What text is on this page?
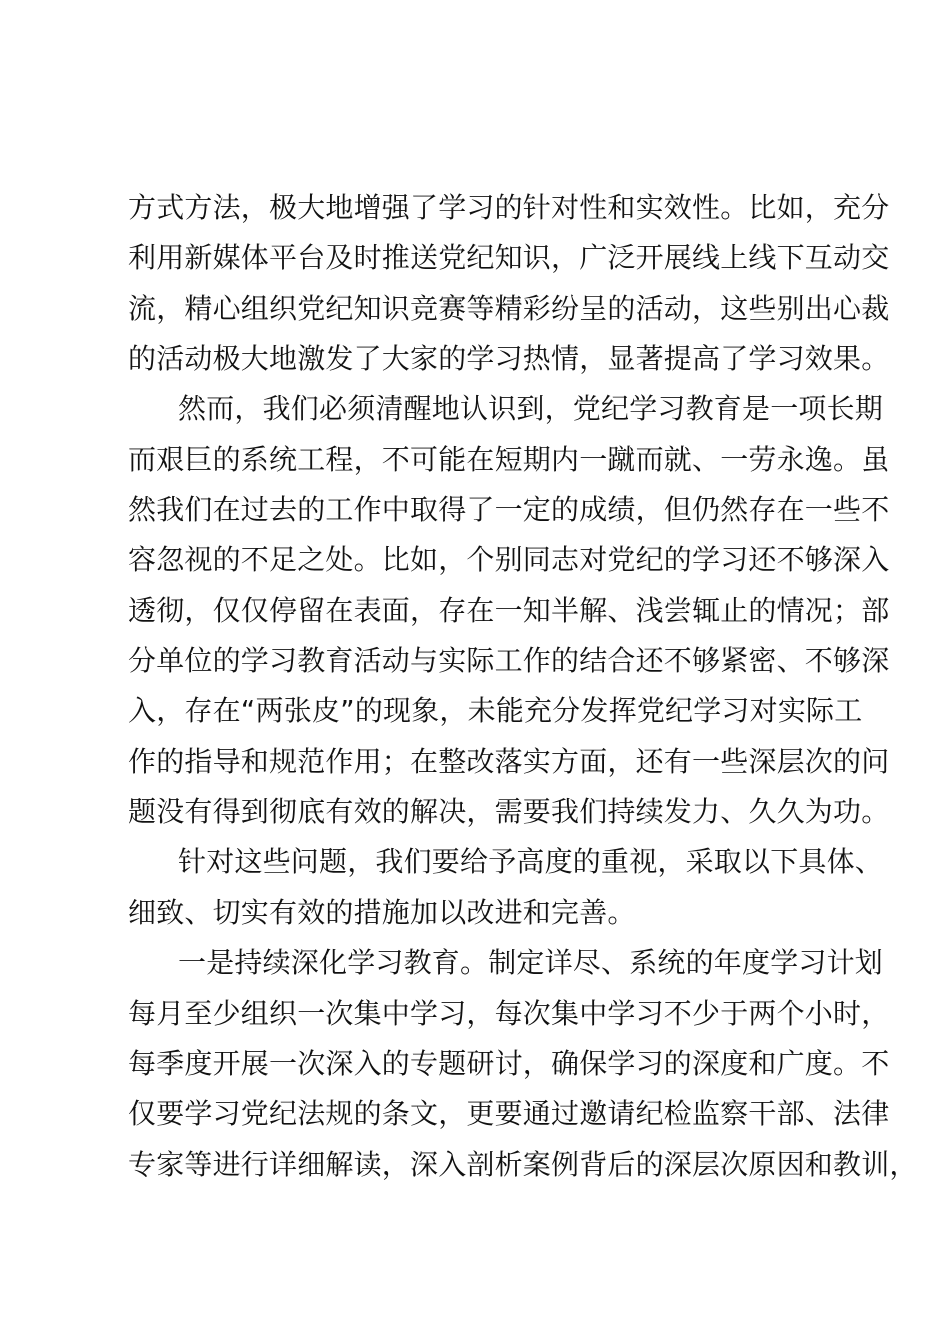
方式方法，极大地增强了学习的针对性和实效性。比如，充分
利用新媒体平台及时推送党纪知识，广泛开展线上线下互动交
流，精心组织党纪知识竞赛等精彩纷呈的活动，这些别出心裁
的活动极大地激发了大家的学习热情，显著提高了学习效果。
然而，我们必须清醒地认识到，党纪学习教育是一项长期
而艰巨的系统工程，不可能在短期内一蹴而就、一劳永逸。虽
然我们在过去的工作中取得了一定的成绩，但仍然存在一些不
容忽视的不足之处。比如，个别同志对党纪的学习还不够深入
透彻，仅仅停留在表面，存在一知半解、浅尝辄止的情况；部
分单位的学习教育活动与实际工作的结合还不够紧密、不够深
入，存在“两张皮”的现象，未能充分发挥党纪学习对实际工
作的指导和规范作用；在整改落实方面，还有一些深层次的问
题没有得到彻底有效的解决，需要我们持续发力、久久为功。
针对这些问题，我们要给予高度的重视，采取以下具体、
细致、切实有效的措施加以改进和完善。
一是持续深化学习教育。制定详尽、系统的年度学习计划
每月至少组织一次集中学习，每次集中学习不少于两个小时，
每季度开展一次深入的专题研讨，确保学习的深度和广度。不
仅要学习党纪法规的条文，更要通过邀请纪检监察干部、法律
专家等进行详细解读，深入剖析案例背后的深层次原因和教训，
